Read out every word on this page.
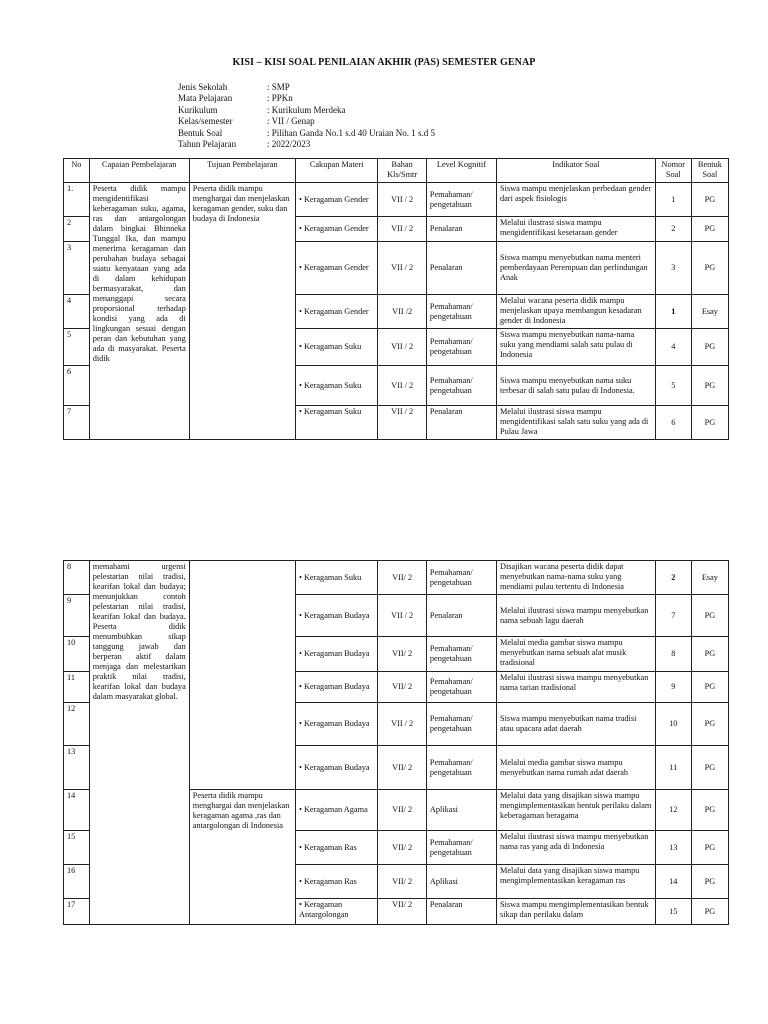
KISI – KISI SOAL PENILAIAN AKHIR (PAS) SEMESTER GENAP
Jenis Sekolah	: SMP
Mata Pelajaran	: PPKn
Kurikulum	: Kurikulum Merdeka
Kelas/semester	: VII / Genap
Bentuk Soal	: Pilihan Ganda No.1 s.d 40 Uraian No. 1 s.d 5
Tahun Pelajaran	: 2022/2023
No	Capaian Pembelajaran	Tujuan Pembelajaran	Cakupan Materi	Bahan Kls/Smtr	Level Kognitif	Indikator Soal	Nomor Soal	Bentuk Soal
1.	Peserta didik mampu mengidentifikasi keberagaman suku, agama, ras dan antargolongan dalam bingkai Bhinneka Tunggal Ika, dan mampu menerima keragaman dan perubahan budaya sebagai suatu kenyataan yang ada di dalam kehidupan bermasyarakat, dan menanggapi secara proporsional terhadap kondisi yang ada di lingkungan sesuai dengan peran dan kebutuhan yang ada di masyarakat. Peserta didik	Peserta didik mampu menghargai dan menjelaskan keragaman gender, suku dan budaya di Indonesia	• Keragaman Gender	VII / 2	Pemahaman/ pengetahuan	Siswa mampu menjelaskan perbedaan gender dari aspek fisiologis	1	PG
2			• Keragaman Gender	VII / 2	Penalaran	Melalui ilustrasi siswa mampu mengidentifikasi kesetaraan gender	2	PG
3			• Keragaman Gender	VII / 2	Penalaran	Siswa mampu menyebutkan nama menteri pemberdayaan Perempuan dan perlindungan Anak	3	PG
4			• Keragaman Gender	VII /2	Pemahaman/ pengetahuan	Melalui wacana peserta didik mampu menjelaskan upaya membangun kesadaran gender di Indonesia	1	Esay
5			• Keragaman Suku	VII / 2	Pemahaman/ pengetahuan	Siswa mampu menyebutkan nama-nama suku yang mendiami salah satu pulau di Indonesia	4	PG
6			• Keragaman Suku	VII / 2	Pemahaman/ pengetahuan	Siswa mampu menyebutkan nama suku terbesar di salah satu pulau di Indonesia.	5	PG
7			• Keragaman Suku	VII / 2	Penalaran	Melalui ilustrasi siswa mampu mengidentifikasi salah satu suku yang ada di Pulau Jawa	6	PG
8	memahami urgensi pelestarian nilai tradisi, kearifan lokal dan budaya; menunjukkan contoh pelestarian nilai tradisi, kearifan lokal dan budaya. Peserta didik menumbuhkan sikap tanggung jawab dan berperan aktif dalam menjaga dan melestarikan praktik nilai tradisi, kearifan lokal dan budaya dalam masyarakat global.		• Keragaman Suku	VII/ 2	Pemahaman/ pengetahuan	Disajikan wacana peserta didik dapat menyebutkan nama-nama suku yang mendiami pulau tertentu di Indonesia	2	Esay
9			• Keragaman Budaya	VII / 2	Penalaran	Melalui ilustrasi siswa mampu menyebutkan nama sebuah lagu daerah	7	PG
10			• Keragaman Budaya	VII/ 2	Pemahaman/ pengetahuan	Melalui media gambar siswa mampu menyebutkan nama sebuah alat musik tradisional	8	PG
11			• Keragaman Budaya	VII/ 2	Pemahaman/ pengetahuan	Melalui ilustrasi siswa mampu menyebutkan nama tarian tradisional	9	PG
12			• Keragaman Budaya	VII / 2	Pemahaman/ pengetahuan	Siswa mampu menyebutkan nama tradisi atau upacara adat daerah	10	PG
13			• Keragaman Budaya	VII/ 2	Pemahaman/ pengetahuan	Melalui media gambar siswa mampu menyebutkan nama rumah adat daerah	11	PG
14		Peserta didik mampu menghargai dan menjelaskan keragaman agama ,ras dan antargolongan di Indonesia	• Keragaman Agama	VII/ 2	Aplikasi	Melalui data yang disajikan siswa mampu mengimplementasikan bentuk perilaku dalam keberagaman beragama	12	PG
15			• Keragaman Ras	VII/ 2	Pemahaman/ pengetahuan	Melalui ilustrasi siswa mampu menyebutkan nama ras yang ada di Indonesia	13	PG
16			• Keragaman Ras	VII/ 2	Aplikasi	Melalui data yang disajikan siswa mampu mengimplementasikan keragaman ras	14	PG
17			• Keragaman Antargolongan	VII/ 2	Penalaran	Siswa mampu mengimplementasikan bentuk sikap dan perilaku dalam	15	PG
